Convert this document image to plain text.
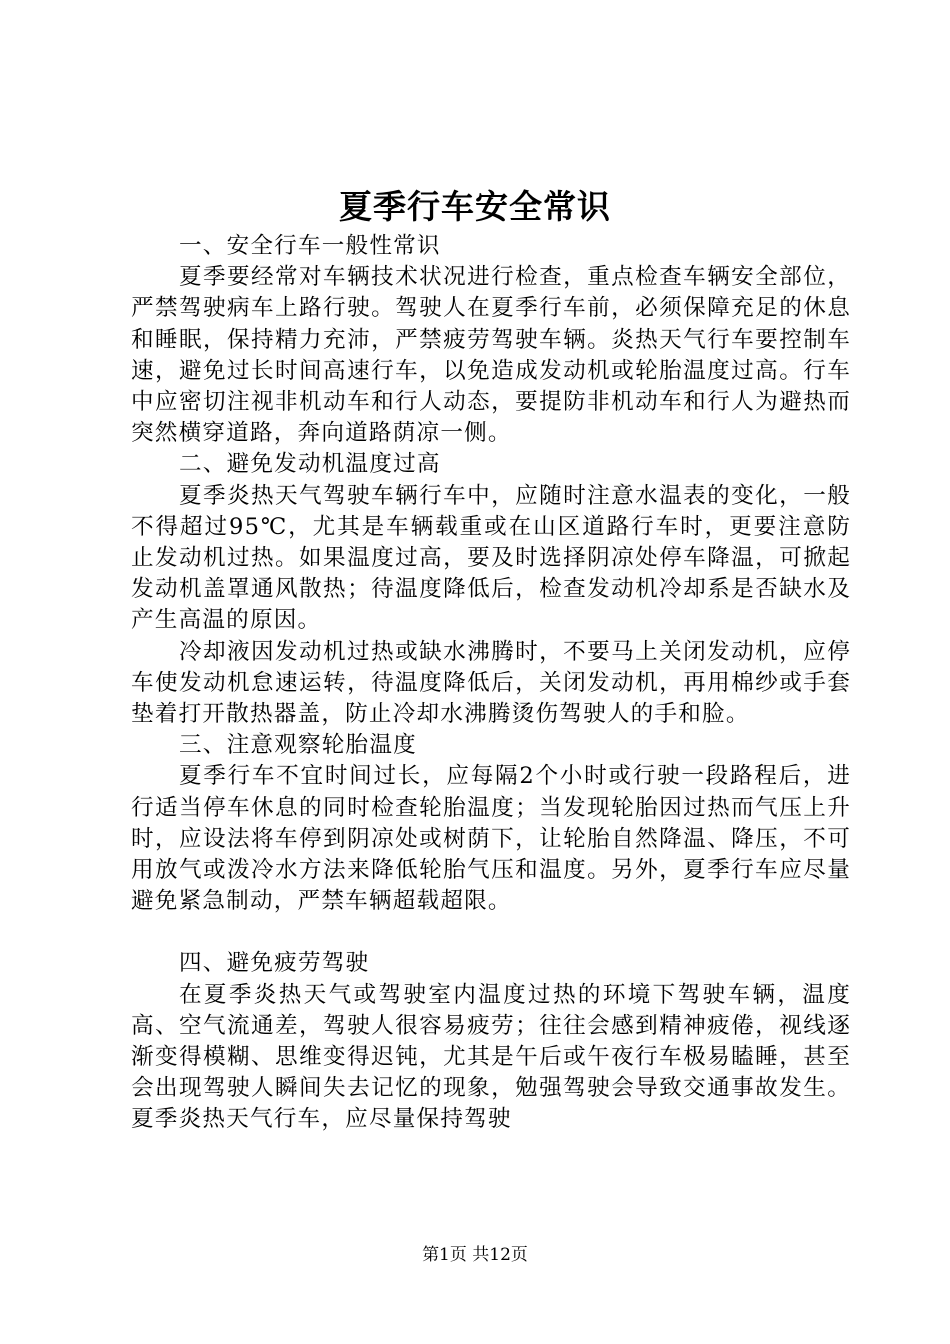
夏季行车安全常识

一、安全行车一般性常识

夏季要经常对车辆技术状况进行检查，重点检查车辆安全部位，严禁驾驶病车上路行驶。驾驶人在夏季行车前，必须保障充足的休息和睡眠，保持精力充沛，严禁疲劳驾驶车辆。炎热天气行车要控制车速，避免过长时间高速行车，以免造成发动机或轮胎温度过高。行车中应密切注视非机动车和行人动态，要提防非机动车和行人为避热而突然横穿道路，奔向道路荫凉一侧。

二、避免发动机温度过高

夏季炎热天气驾驶车辆行车中，应随时注意水温表的变化，一般不得超过95℃，尤其是车辆载重或在山区道路行车时，更要注意防止发动机过热。如果温度过高，要及时选择阴凉处停车降温，可掀起发动机盖罩通风散热；待温度降低后，检查发动机冷却系是否缺水及产生高温的原因。

冷却液因发动机过热或缺水沸腾时，不要马上关闭发动机，应停车使发动机怠速运转，待温度降低后，关闭发动机，再用棉纱或手套垫着打开散热器盖，防止冷却水沸腾烫伤驾驶人的手和脸。

三、注意观察轮胎温度

夏季行车不宜时间过长，应每隔2个小时或行驶一段路程后，进行适当停车休息的同时检查轮胎温度；当发现轮胎因过热而气压上升时，应设法将车停到阴凉处或树荫下，让轮胎自然降温、降压，不可用放气或泼冷水方法来降低轮胎气压和温度。另外，夏季行车应尽量避免紧急制动，严禁车辆超载超限。

四、避免疲劳驾驶

在夏季炎热天气或驾驶室内温度过热的环境下驾驶车辆，温度高、空气流通差，驾驶人很容易疲劳；往往会感到精神疲倦，视线逐渐变得模糊、思维变得迟钝，尤其是午后或午夜行车极易瞌睡，甚至会出现驾驶人瞬间失去记忆的现象，勉强驾驶会导致交通事故发生。夏季炎热天气行车，应尽量保持驾驶

第1页 共12页
